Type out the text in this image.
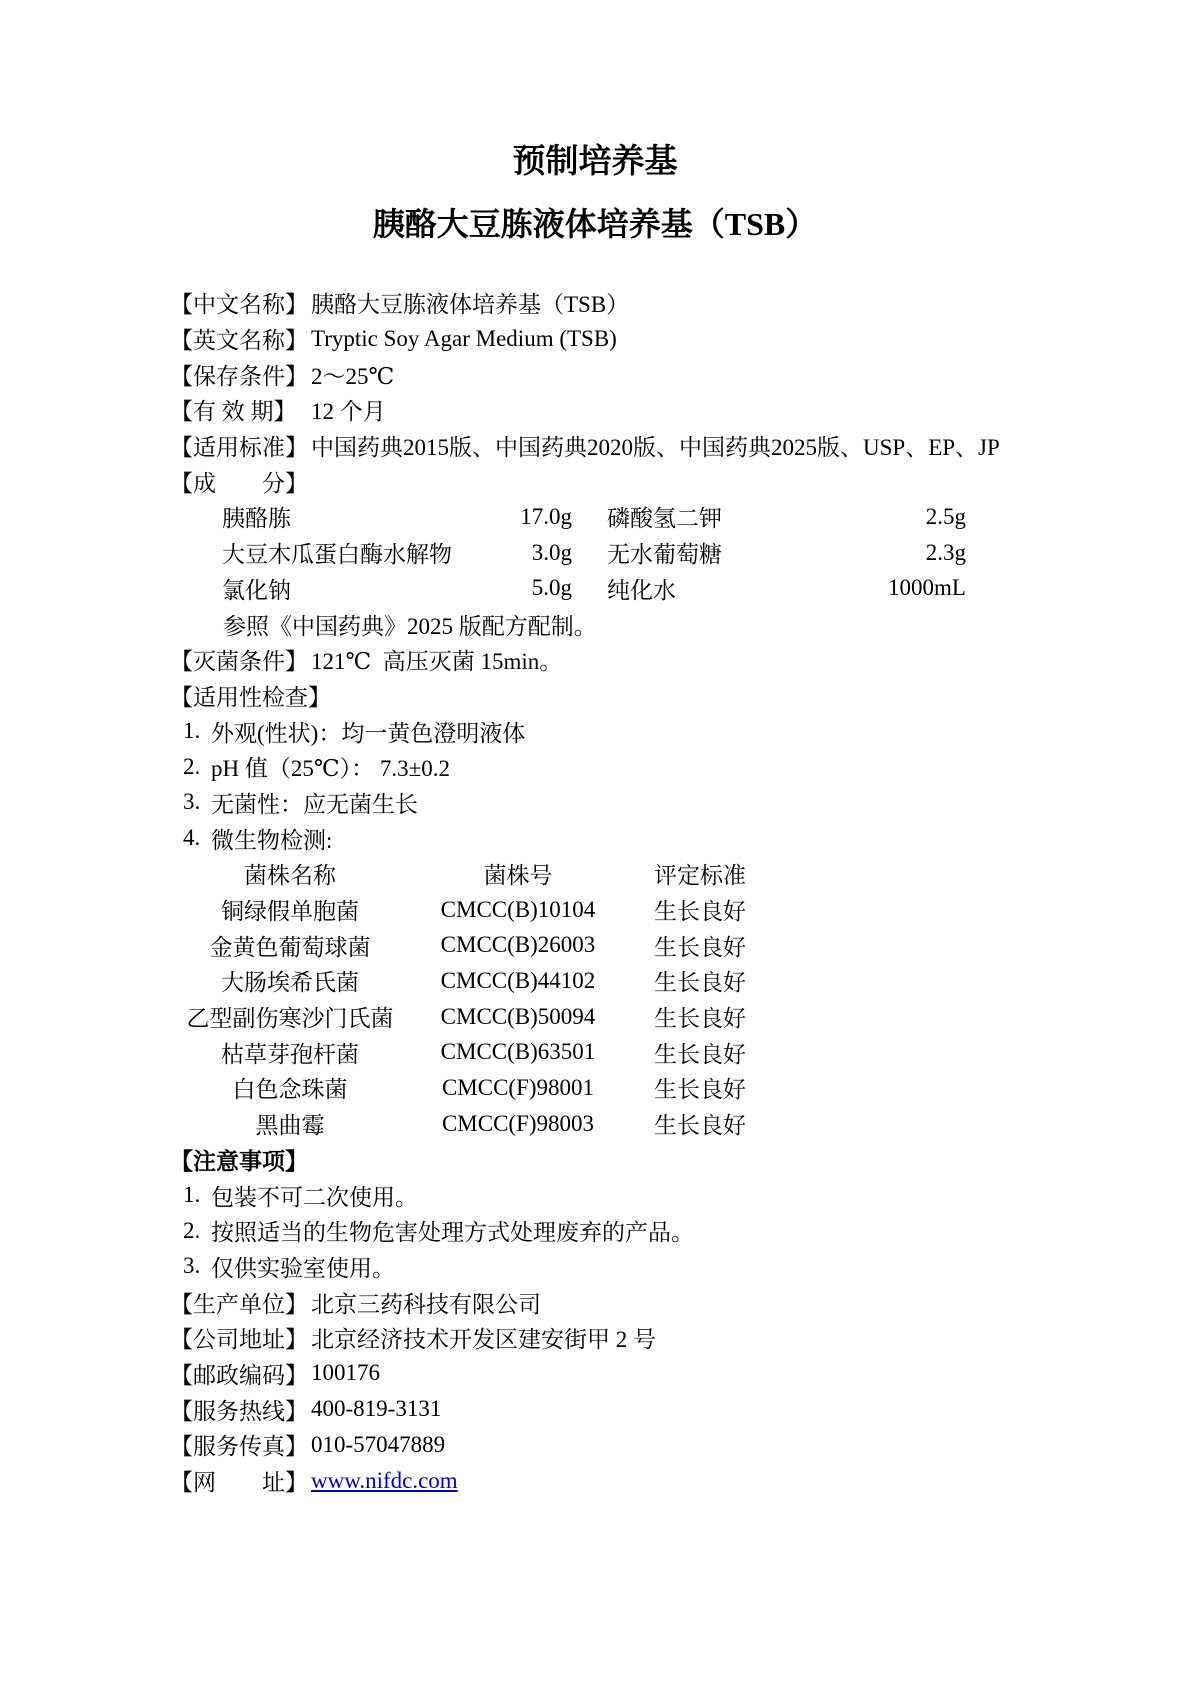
预制培养基
胰酪大豆胨液体培养基（TSB）
【中文名称】 胰酪大豆胨液体培养基（TSB）
【英文名称】 Tryptic Soy Agar Medium (TSB)
【保存条件】 2～25℃
【有 效 期】 12 个月
【适用标准】 中国药典2015版、中国药典2020版、中国药典2025版、USP、EP、JP
【成　　分】
胰酪胨	17.0g	磷酸氢二钾	2.5g
大豆木瓜蛋白酶水解物	3.0g	无水葡萄糖	2.3g
氯化钠	5.0g	纯化水	1000mL
参照《中国药典》2025 版配方配制。
【灭菌条件】 121℃  高压灭菌 15min。
【适用性检查】
1. 外观(性状)：均一黄色澄明液体
2. pH 值（25℃）： 7.3±0.2
3. 无菌性：应无菌生长
4. 微生物检测:
菌株名称	菌株号	评定标准
铜绿假单胞菌	CMCC(B)10104	生长良好
金黄色葡萄球菌	CMCC(B)26003	生长良好
大肠埃希氏菌	CMCC(B)44102	生长良好
乙型副伤寒沙门氏菌	CMCC(B)50094	生长良好
枯草芽孢杆菌	CMCC(B)63501	生长良好
白色念珠菌	CMCC(F)98001	生长良好
黑曲霉	CMCC(F)98003	生长良好
【注意事项】
1. 包装不可二次使用。
2. 按照适当的生物危害处理方式处理废弃的产品。
3. 仅供实验室使用。
【生产单位】 北京三药科技有限公司
【公司地址】 北京经济技术开发区建安街甲 2 号
【邮政编码】 100176
【服务热线】 400-819-3131
【服务传真】 010-57047889
【网　　址】 www.nifdc.com
